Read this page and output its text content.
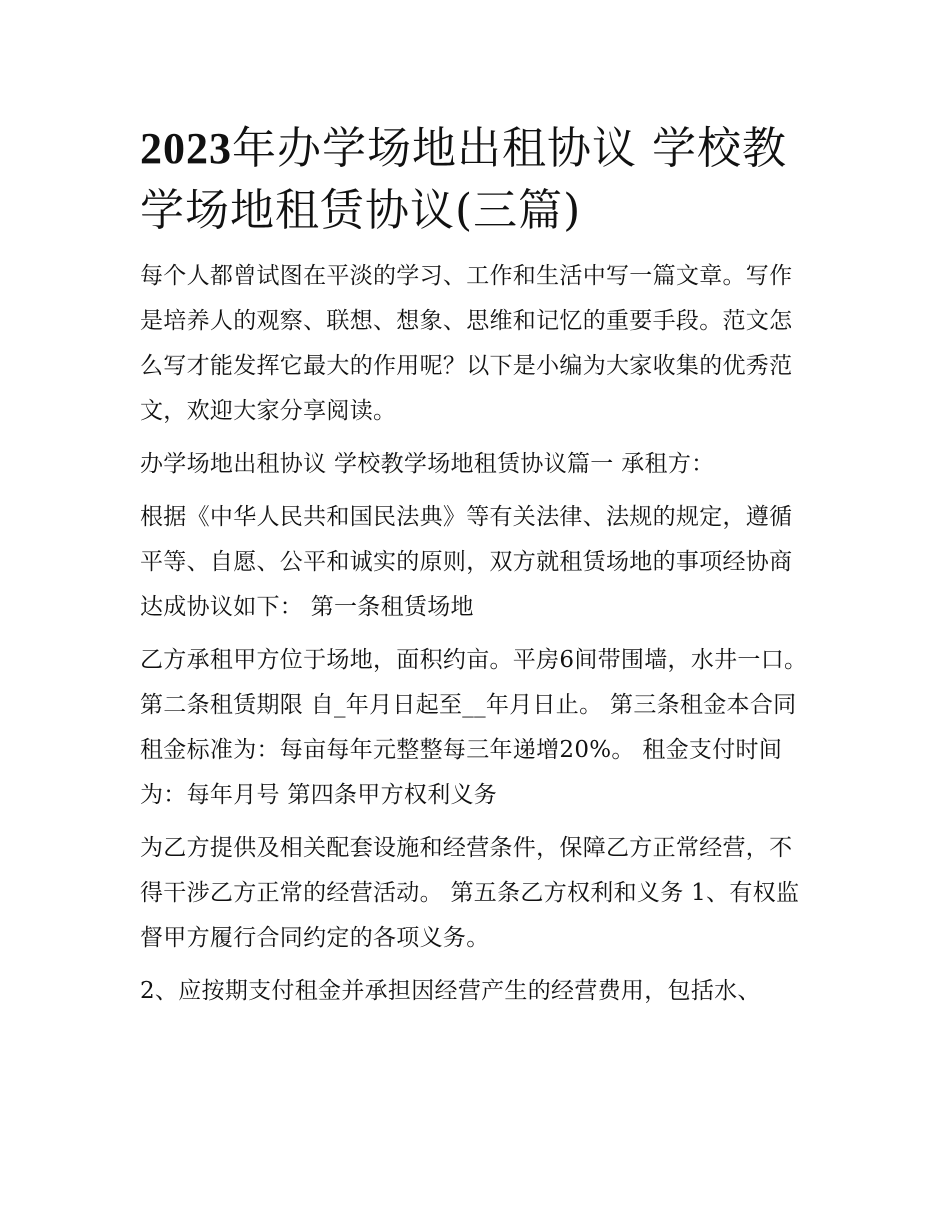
2023年办学场地出租协议 学校教学场地租赁协议(三篇)

每个人都曾试图在平淡的学习、工作和生活中写一篇文章。写作是培养人的观察、联想、想象、思维和记忆的重要手段。范文怎么写才能发挥它最大的作用呢？以下是小编为大家收集的优秀范文，欢迎大家分享阅读。

办学场地出租协议 学校教学场地租赁协议篇一 承租方：

根据《中华人民共和国民法典》等有关法律、法规的规定，遵循平等、自愿、公平和诚实的原则，双方就租赁场地的事项经协商达成协议如下： 第一条租赁场地

乙方承租甲方位于场地，面积约亩。平房6间带围墙，水井一口。 第二条租赁期限 自_年月日起至__年月日止。 第三条租金本合同租金标准为：每亩每年元整整每三年递增20%。 租金支付时间为：每年月号 第四条甲方权利义务

为乙方提供及相关配套设施和经营条件，保障乙方正常经营，不得干涉乙方正常的经营活动。 第五条乙方权利和义务 1、有权监督甲方履行合同约定的各项义务。

2、应按期支付租金并承担因经营产生的经营费用，包括水、
